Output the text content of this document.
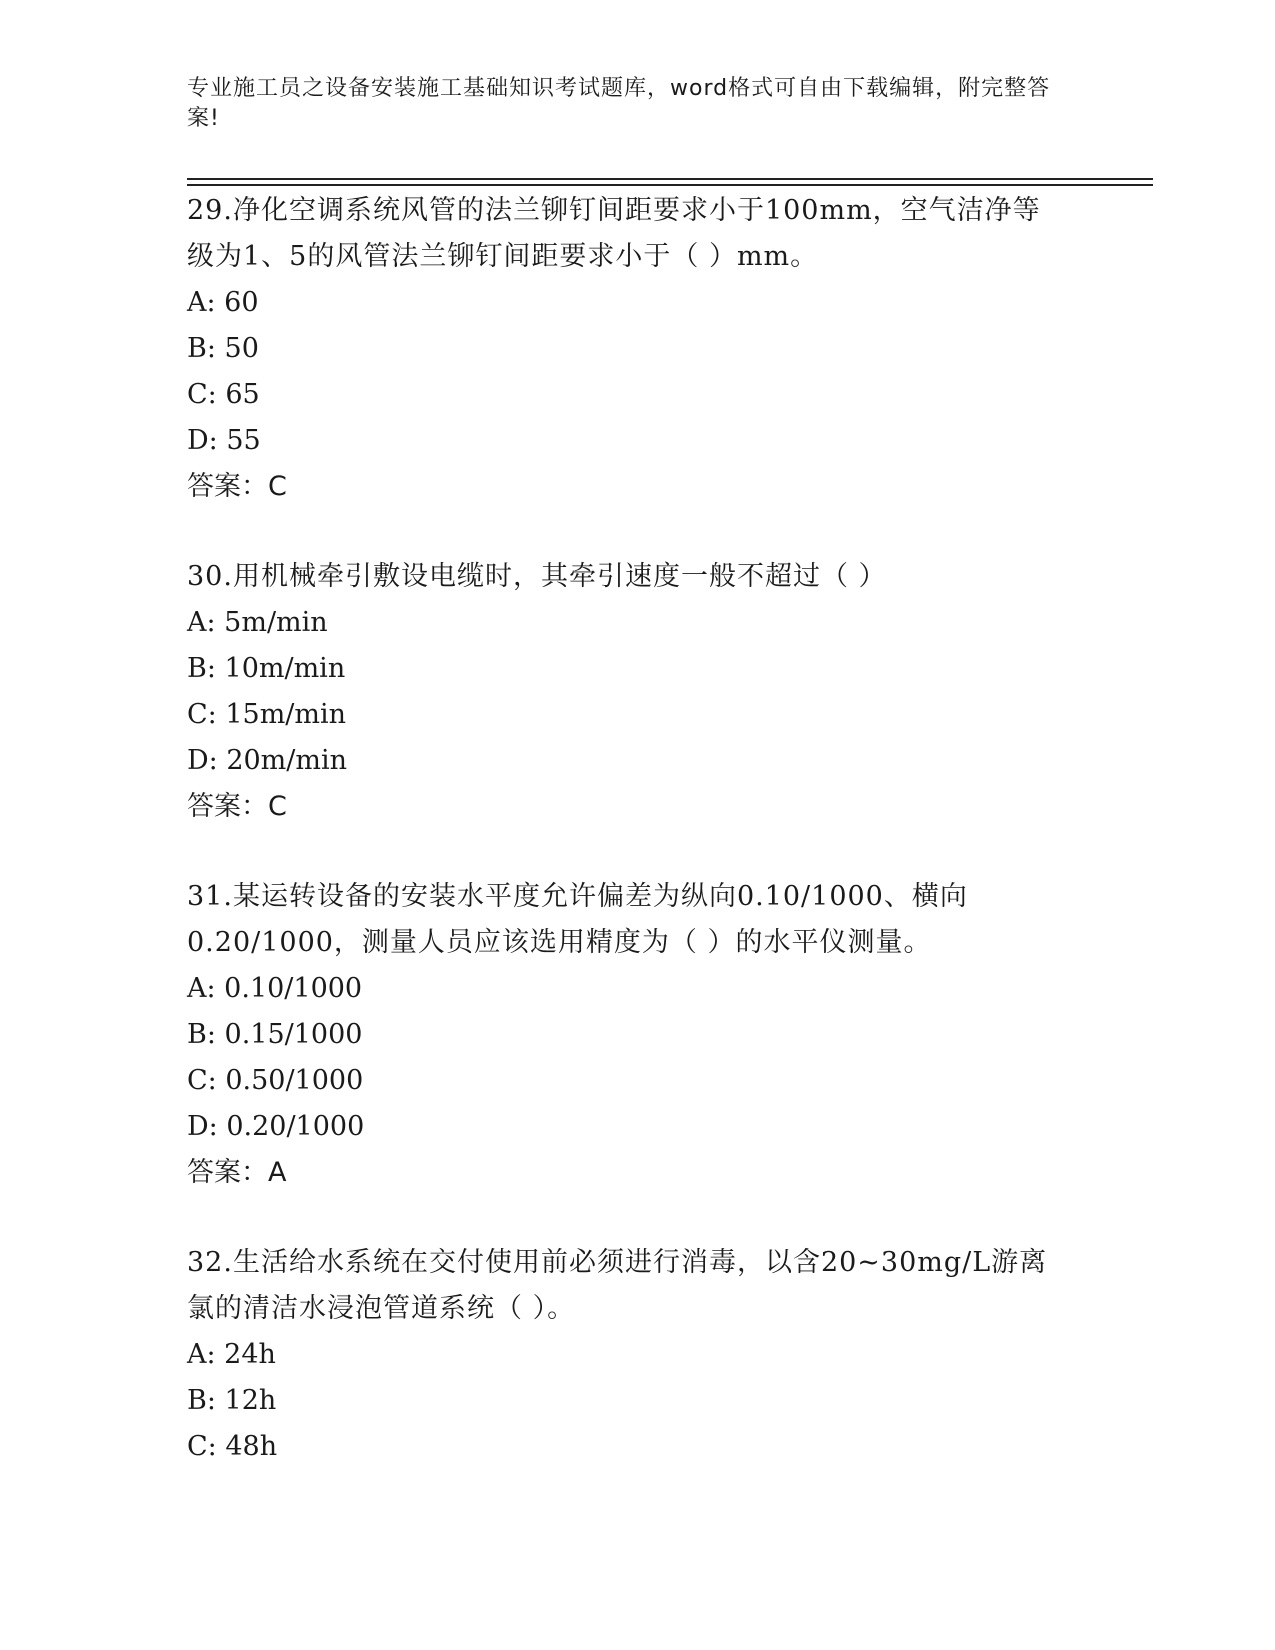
专业施工员之设备安装施工基础知识考试题库，word格式可自由下载编辑，附完整答案!
29.净化空调系统风管的法兰铆钉间距要求小于100mm，空气洁净等级为1、5的风管法兰铆钉间距要求小于（ ）mm。
A: 60
B: 50
C: 65
D: 55
答案：C
30.用机械牵引敷设电缆时，其牵引速度一般不超过（ ）
A: 5m/min
B: 10m/min
C: 15m/min
D: 20m/min
答案：C
31.某运转设备的安装水平度允许偏差为纵向0.10/1000、横向0.20/1000，测量人员应该选用精度为（ ）的水平仪测量。
A: 0.10/1000
B: 0.15/1000
C: 0.50/1000
D: 0.20/1000
答案：A
32.生活给水系统在交付使用前必须进行消毒，以含20~30mg/L游离氯的清洁水浸泡管道系统（ ）。
A: 24h
B: 12h
C: 48h
